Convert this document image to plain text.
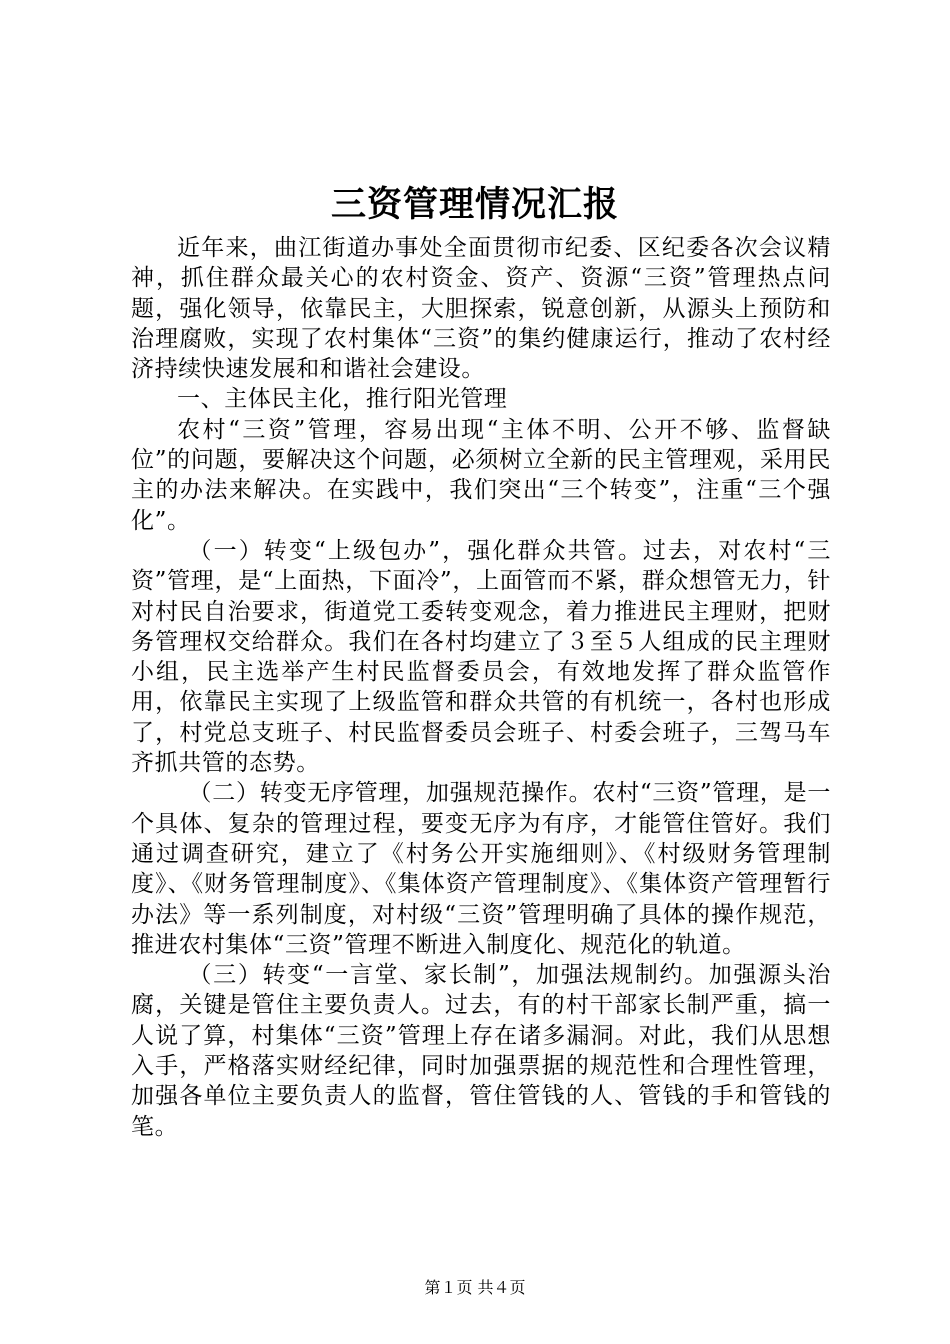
三资管理情况汇报

近年来，曲江街道办事处全面贯彻市纪委、区纪委各次会议精神，抓住群众最关心的农村资金、资产、资源“三资”管理热点问题，强化领导，依靠民主，大胆探索，锐意创新，从源头上预防和治理腐败，实现了农村集体“三资”的集约健康运行，推动了农村经济持续快速发展和和谐社会建设。

一、主体民主化，推行阳光管理

农村“三资”管理，容易出现“主体不明、公开不够、监督缺位”的问题，要解决这个问题，必须树立全新的民主管理观，采用民主的办法来解决。在实践中，我们突出“三个转变”，注重“三个强化”。

（一）转变“上级包办”，强化群众共管。过去，对农村“三资”管理，是“上面热，下面冷”，上面管而不紧，群众想管无力，针对村民自治要求，街道党工委转变观念，着力推进民主理财，把财务管理权交给群众。我们在各村均建立了３至５人组成的民主理财小组，民主选举产生村民监督委员会，有效地发挥了群众监管作用，依靠民主实现了上级监管和群众共管的有机统一，各村也形成了，村党总支班子、村民监督委员会班子、村委会班子，三驾马车齐抓共管的态势。

（二）转变无序管理，加强规范操作。农村“三资”管理，是一个具体、复杂的管理过程，要变无序为有序，才能管住管好。我们通过调查研究，建立了《村务公开实施细则》、《村级财务管理制度》、《财务管理制度》、《集体资产管理制度》、《集体资产管理暂行办法》等一系列制度，对村级“三资”管理明确了具体的操作规范，推进农村集体“三资”管理不断进入制度化、规范化的轨道。

（三）转变“一言堂、家长制”，加强法规制约。加强源头治腐，关键是管住主要负责人。过去，有的村干部家长制严重，搞一人说了算，村集体“三资”管理上存在诸多漏洞。对此，我们从思想入手，严格落实财经纪律，同时加强票据的规范性和合理性管理，加强各单位主要负责人的监督，管住管钱的人、管钱的手和管钱的笔。

第１页 共４页
